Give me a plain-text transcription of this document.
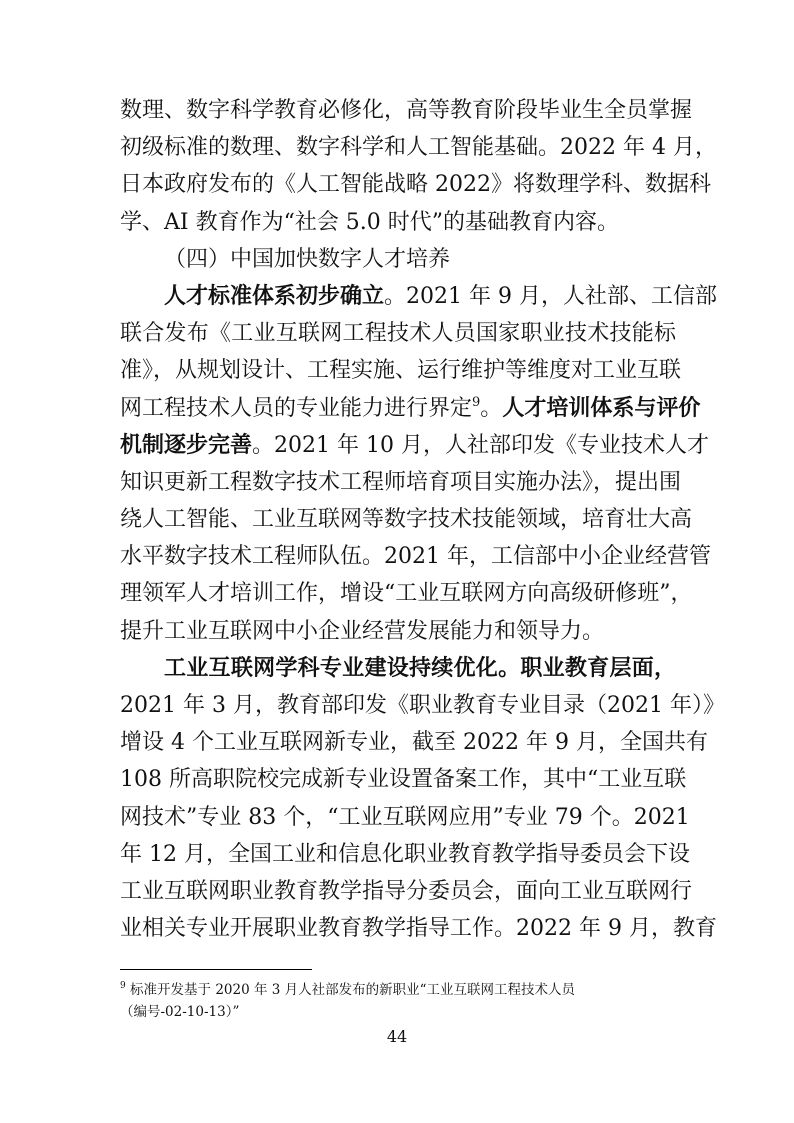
数理、数字科学教育必修化，高等教育阶段毕业生全员掌握
初级标准的数理、数字科学和人工智能基础。2022 年 4 月，
日本政府发布的《人工智能战略 2022》将数理学科、数据科
学、AI 教育作为“社会 5.0 时代”的基础教育内容。
（四）中国加快数字人才培养
人才标准体系初步确立。2021 年 9 月，人社部、工信部
联合发布《工业互联网工程技术人员国家职业技术技能标
准》，从规划设计、工程实施、运行维护等维度对工业互联
网工程技术人员的专业能力进行界定$^9$。人才培训体系与评价
机制逐步完善。2021 年 10 月，人社部印发《专业技术人才
知识更新工程数字技术工程师培育项目实施办法》，提出围
绕人工智能、工业互联网等数字技术技能领域，培育壮大高
水平数字技术工程师队伍。2021 年，工信部中小企业经营管
理领军人才培训工作，增设“工业互联网方向高级研修班”，
提升工业互联网中小企业经营发展能力和领导力。
工业互联网学科专业建设持续优化。职业教育层面，
2021 年 3 月，教育部印发《职业教育专业目录（2021 年）》
增设 4 个工业互联网新专业，截至 2022 年 9 月，全国共有
108 所高职院校完成新专业设置备案工作，其中“工业互联
网技术”专业 83 个，“工业互联网应用”专业 79 个。2021
年 12 月，全国工业和信息化职业教育教学指导委员会下设
工业互联网职业教育教学指导分委员会，面向工业互联网行
业相关专业开展职业教育教学指导工作。2022 年 9 月，教育
$^9$ 标准开发基于 2020 年 3 月人社部发布的新职业“工业互联网工程技术人员
（编号-02-10-13）”
44
